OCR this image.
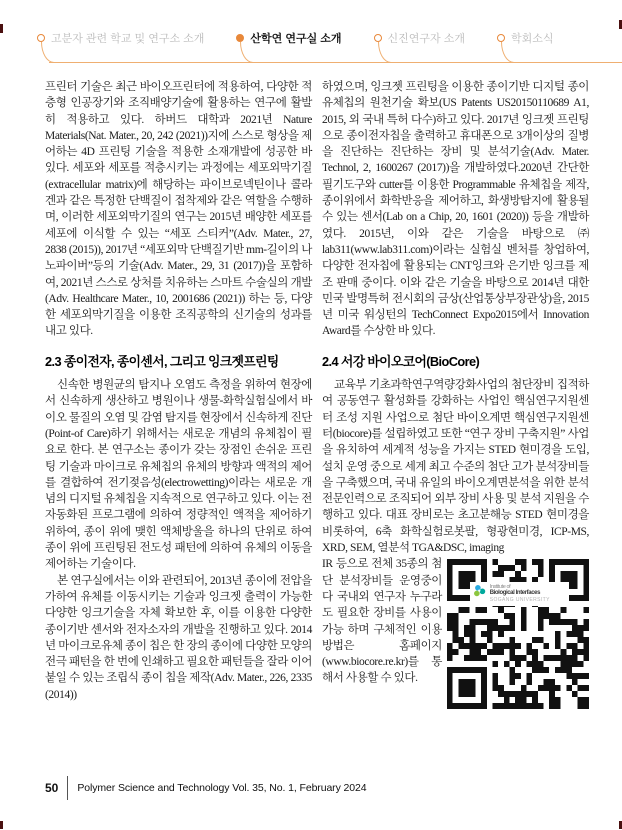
고분자 관련 학교 및 연구소 소개	산학연 연구실 소개	신진연구자 소개	학회소식

프린터 기술은 최근 바이오프린터에 적용하여, 다양한 적층형 인공장기와 조직배양기술에 활용하는 연구에 활발히 적용하고 있다. 하버드 대학과 2021년 Nature Materials(Nat. Mater., 20, 242 (2021))지에 스스로 형상을 제어하는 4D 프린팅 기술을 적용한 소재개발에 성공한 바 있다. 세포와 세포를 적층시키는 과정에는 세포외막기질(extracellular matrix)에 해당하는 파이브로넥틴이나 콜라겐과 같은 특정한 단백질이 접착제와 같은 역할을 수행하며, 이러한 세포외막기질의 연구는 2015년 배양한 세포를 세포에 이식할 수 있는 “세포 스티커”(Adv. Mater., 27, 2838 (2015)), 2017년 “세포외막 단백질기반 mm-길이의 나노파이버”등의 기술(Adv. Mater., 29, 31 (2017))을 포함하여, 2021년 스스로 상처를 치유하는 스마트 수술실의 개발(Adv. Healthcare Mater., 10, 2001686 (2021)) 하는 등, 다양한 세포외막기질을 이용한 조직공학의 신기술의 성과를 내고 있다.

2.3 종이전자, 종이센서, 그리고 잉크젯프린팅

신속한 병원균의 탐지나 오염도 측정을 위하여 현장에서 신속하게 생산하고 병원이나 생물-화학실험실에서 바이오 물질의 오염 및 감염 탐지를 현장에서 신속하게 진단(Point-of Care)하기 위해서는 새로운 개념의 유체칩이 필요로 한다. 본 연구소는 종이가 갖는 장점인 손쉬운 프린팅 기술과 마이크로 유체칩의 유체의 방향과 액적의 제어를 결합하여 전기젖음성(electrowetting)이라는 새로운 개념의 디지털 유체칩을 지속적으로 연구하고 있다. 이는 전자동화된 프로그램에 의하여 정량적인 액적을 제어하기 위하여, 종이 위에 맺힌 액체방울을 하나의 단위로 하여 종이 위에 프린팅된 전도성 패턴에 의하여 유체의 이동을 제어하는 기술이다.

본 연구실에서는 이와 관련되어, 2013년 종이에 전압을 가하여 유체를 이동시키는 기술과 잉크젯 출력이 가능한 다양한 잉크기술을 자체 확보한 후, 이를 이용한 다양한 종이기반 센서와 전자소자의 개발을 진행하고 있다. 2014년 마이크로유체 종이 칩은 한 장의 종이에 다양한 모양의 전극 패턴을 한 번에 인쇄하고 필요한 패턴들을 잘라 이어 붙일 수 있는 조립식 종이 칩을 제작(Adv. Mater., 226, 2335 (2014))

하였으며, 잉크젯 프린팅을 이용한 종이기반 디지털 종이 유체칩의 원천기술 확보(US Patents US20150110689 A1, 2015, 외 국내 특허 다수)하고 있다. 2017년 잉크젯 프린팅으로 종이전자칩을 출력하고 휴대폰으로 3개이상의 질병을 진단하는 진단하는 장비 및 분석기술(Adv. Mater. Technol, 2, 1600267 (2017))을 개발하였다.2020년 간단한 필기도구와 cutter를 이용한 Programmable 유체칩을 제작, 종이위에서 화학반응을 제어하고, 화생방탐지에 활용될 수 있는 센서(Lab on a Chip, 20, 1601 (2020)) 등을 개발하였다. 2015년, 이와 같은 기술을 바탕으로 ㈜lab311(www.lab311.com)이라는 실험실 벤처를 창업하여, 다양한 전자칩에 활용되는 CNT잉크와 은기반 잉크를 제조 판매 중이다. 이와 같은 기술을 바탕으로 2014년 대한민국 발명특허 전시회의 금상(산업통상부장관상)을, 2015년 미국 워싱턴의 TechConnect Expo2015에서 Innovation Award를 수상한 바 있다.

2.4 서강 바이오코어(BioCore)

교육부 기초과학연구역량강화사업의 첨단장비 집적하여 공동연구 활성화를 강화하는 사업인 핵심연구지원센터 조성 지원 사업으로 첨단 바이오계면 핵심연구지원센터(biocore)를 설립하였고 또한 “연구 장비 구축지원” 사업을 유치하여 세계적 성능을 가지는 STED 현미경을 도입, 설치 운영 중으로 세계 최고 수준의 첨단 고가 분석장비들을 구축했으며, 국내 유일의 바이오계면분석을 위한 분석전문인력으로 조직되어 외부 장비 사용 및 분석 지원을 수행하고 있다. 대표 장비로는 초고분해능 STED 현미경을 비롯하여, 6축 화학실험로봇팔, 형광현미경, ICP-MS, XRD, SEM, 열분석 TGA&DSC, imaging

IR 등으로 전체 35종의 첨단 분석장비들 운영중이다 국내외 연구자 누구라도 필요한 장비를 사용이 가능 하며 구체적인 이용방법은 홈페이지(www.biocore.re.kr)를 통해서 사용할 수 있다.

Institute of
Biological Interfaces
SOGANG UNIVERSITY
50 Polymer Science and Technology Vol. 35, No. 1, February 2024
